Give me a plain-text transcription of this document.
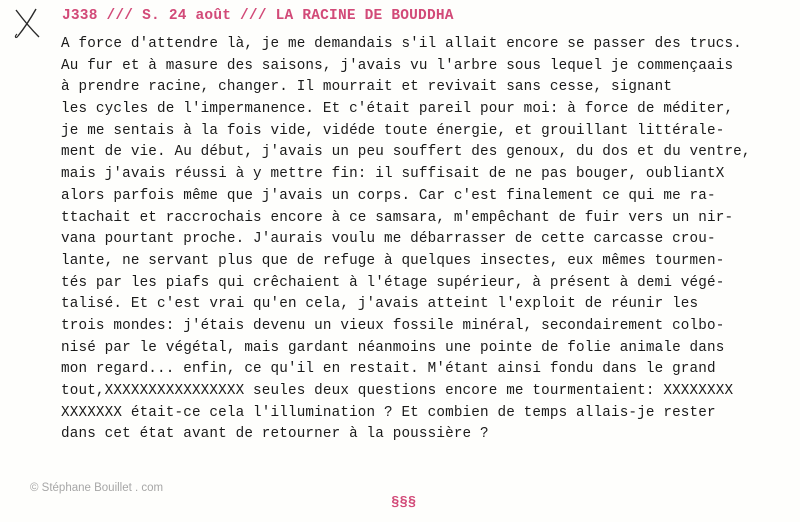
J338 /// S. 24 août /// LA RACINE DE BOUDDHA
A force d'attendre là, je me demandais s'il allait encore se passer des trucs.
Au fur et à masure des saisons, j'avais vu l'arbre sous lequel je commençaais
à prendre racine, changer. Il mourrait et revivait sans cesse, signant
les cycles de l'impermanence. Et c'était pareil pour moi: à force de méditer,
je me sentais à la fois vide, vidéde toute énergie, et grouillant littérale-
ment de vie. Au début, j'avais un peu souffert des genoux, du dos et du ventre,
mais j'avais réussi à y mettre fin: il suffisait de ne pas bouger, oubliantX
alors parfois même que j'avais un corps. Car c'est finalement ce qui me ra-
ttachait et raccrochais encore à ce samsara, m'empêchant de fuir vers un nir-
vana pourtant proche. J'aurais voulu me débarrasser de cette carcasse crou-
lante, ne servant plus que de refuge à quelques insectes, eux mêmes tourmen-
tés par les piafs qui crêchaient à l'étage supérieur, à présent à demi végé-
talisé. Et c'est vrai qu'en cela, j'avais atteint l'exploit de réunir les
trois mondes: j'étais devenu un vieux fossile minéral, secondairement colbo-
nisé par le végétal, mais gardant néanmoins une pointe de folie animale dans
mon regard... enfin, ce qu'il en restait. M'étant ainsi fondu dans le grand
tout,XXXXXXXXXXXXXXXX seules deux questions encore me tourmentaient: XXXXXXXX
XXXXXXX était-ce cela l'illumination ? Et combien de temps allais-je rester
dans cet état avant de retourner à la poussière ?
§§§
© Stéphane Bouillet . com
